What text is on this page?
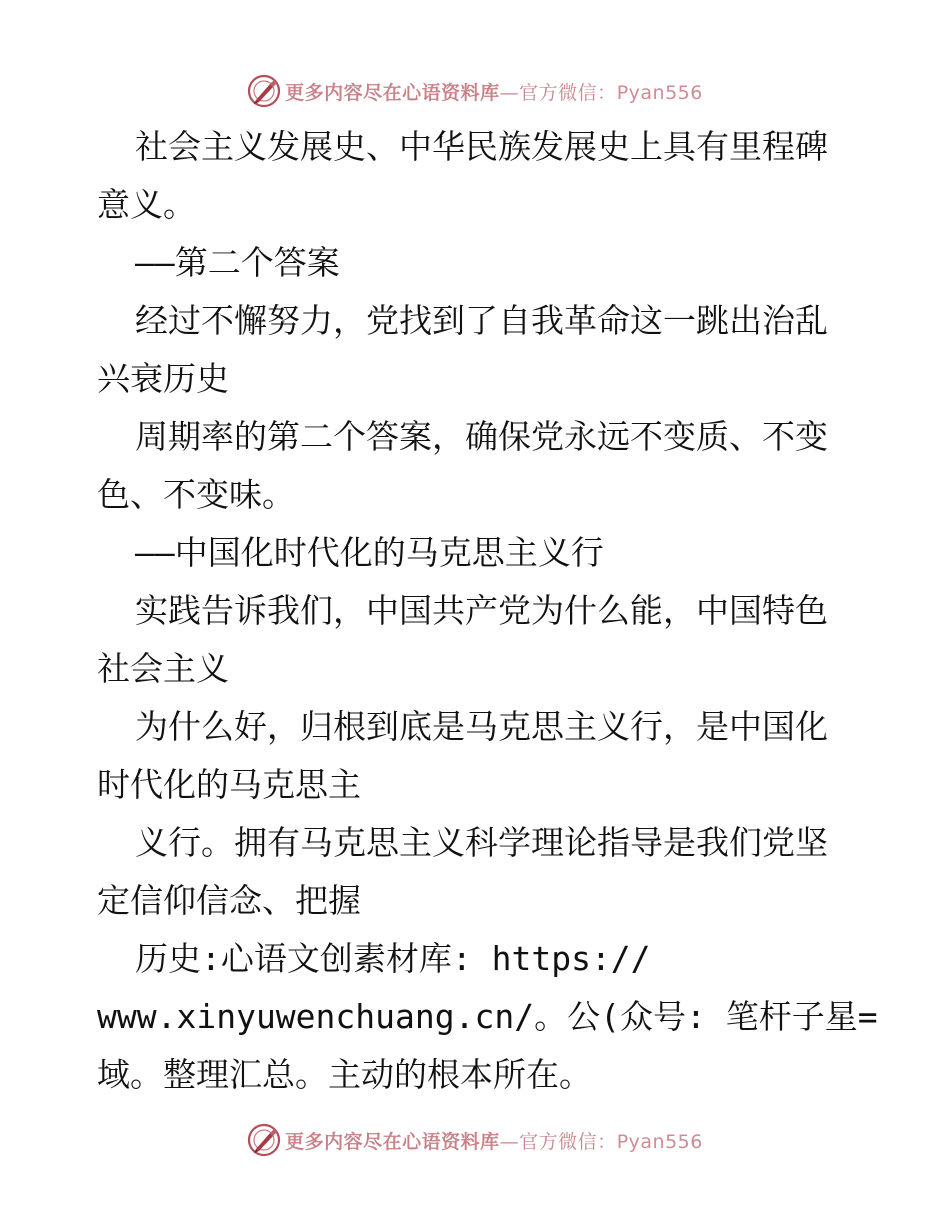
更多内容尽在心语资料库—官方微信：Pyan556
社会主义发展史、中华民族发展史上具有里程碑
意义。
——第二个答案
经过不懈努力，党找到了自我革命这一跳出治乱
兴衰历史
周期率的第二个答案，确保党永远不变质、不变
色、不变味。
——中国化时代化的马克思主义行
实践告诉我们，中国共产党为什么能，中国特色
社会主义
为什么好，归根到底是马克思主义行，是中国化
时代化的马克思主
义行。拥有马克思主义科学理论指导是我们党坚
定信仰信念、把握
历史:心语文创素材库: https://
www.xinyuwenchuang.cn/。公(众号: 笔杆子星=
域。整理汇总。主动的根本所在。
更多内容尽在心语资料库—官方微信：Pyan556
